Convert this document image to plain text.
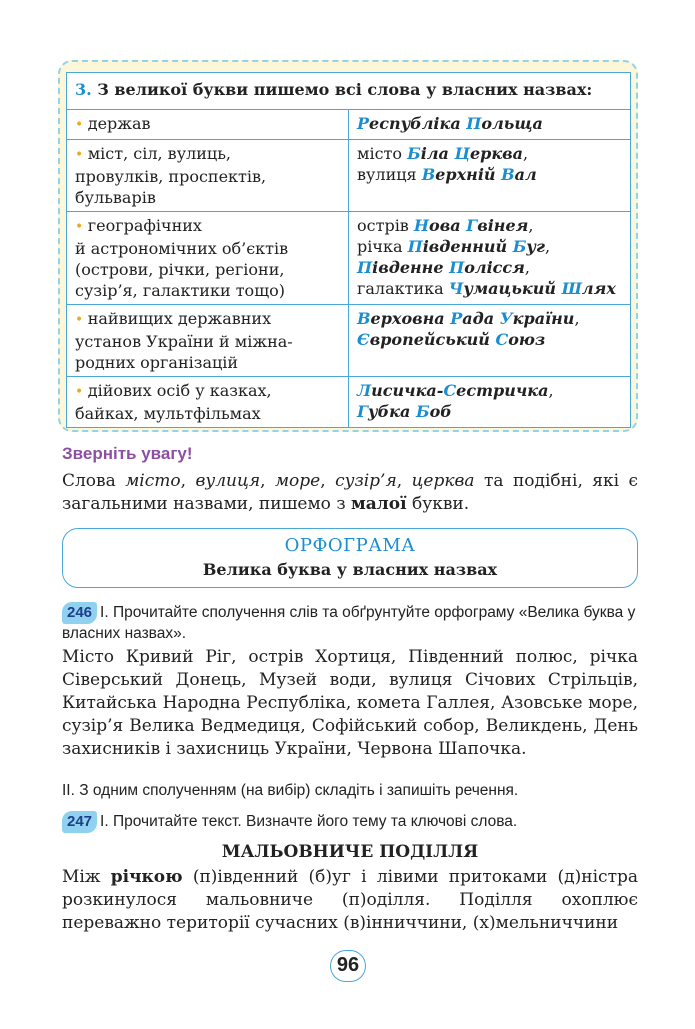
3. З великої букви пишемо всі слова у власних назвах:	

• держав	Республіка Польща

• міст, сіл, вулиць,
провулків, проспектів,
бульварів	місто Біла Церква,
вулиця Верхній Вал

• географічних
й астрономічних об’єктів
(острови, річки, регіони,
сузір’я, галактики тощо)	острів Нова Гвінея,
річка Південний Буг,
Південне Полісся,
галактика Чумацький Шлях

• найвищих державних
установ України й міжна-
родних організацій	Верховна Рада України,
Європейський Союз

• дійових осіб у казках,
байках, мультфільмах	Лисичка-Сестричка,
Губка Боб
Зверніть увагу!
Слова місто, вулиця, море, сузір’я, церква та подібні, які є загальними назвами, пишемо з малої букви.
ОРФОГРАМА
Велика буква у власних назвах
246 I. Прочитайте сполучення слів та обґрунтуйте орфограму «Велика буква у власних назвах».
Місто Кривий Ріг, острів Хортиця, Південний полюс, річка Сіверський Донець, Музей води, вулиця Січових Стрільців, Китайська Народна Республіка, комета Галлея, Азовське море, сузір’я Велика Ведмедиця, Софійський собор, Великдень, День захисників і захисниць України, Червона Шапочка.
II. З одним сполученням (на вибір) складіть і запишіть речення.
247 I. Прочитайте текст. Визначте його тему та ключові слова.
МАЛЬОВНИЧЕ ПОДІЛЛЯ
Між річкою (п)івденний (б)уг і лівими притоками (д)ністра розкинулося мальовниче (п)оділля. Поділля охоплює переважно території сучасних (в)інниччини, (х)мельниччини
96
